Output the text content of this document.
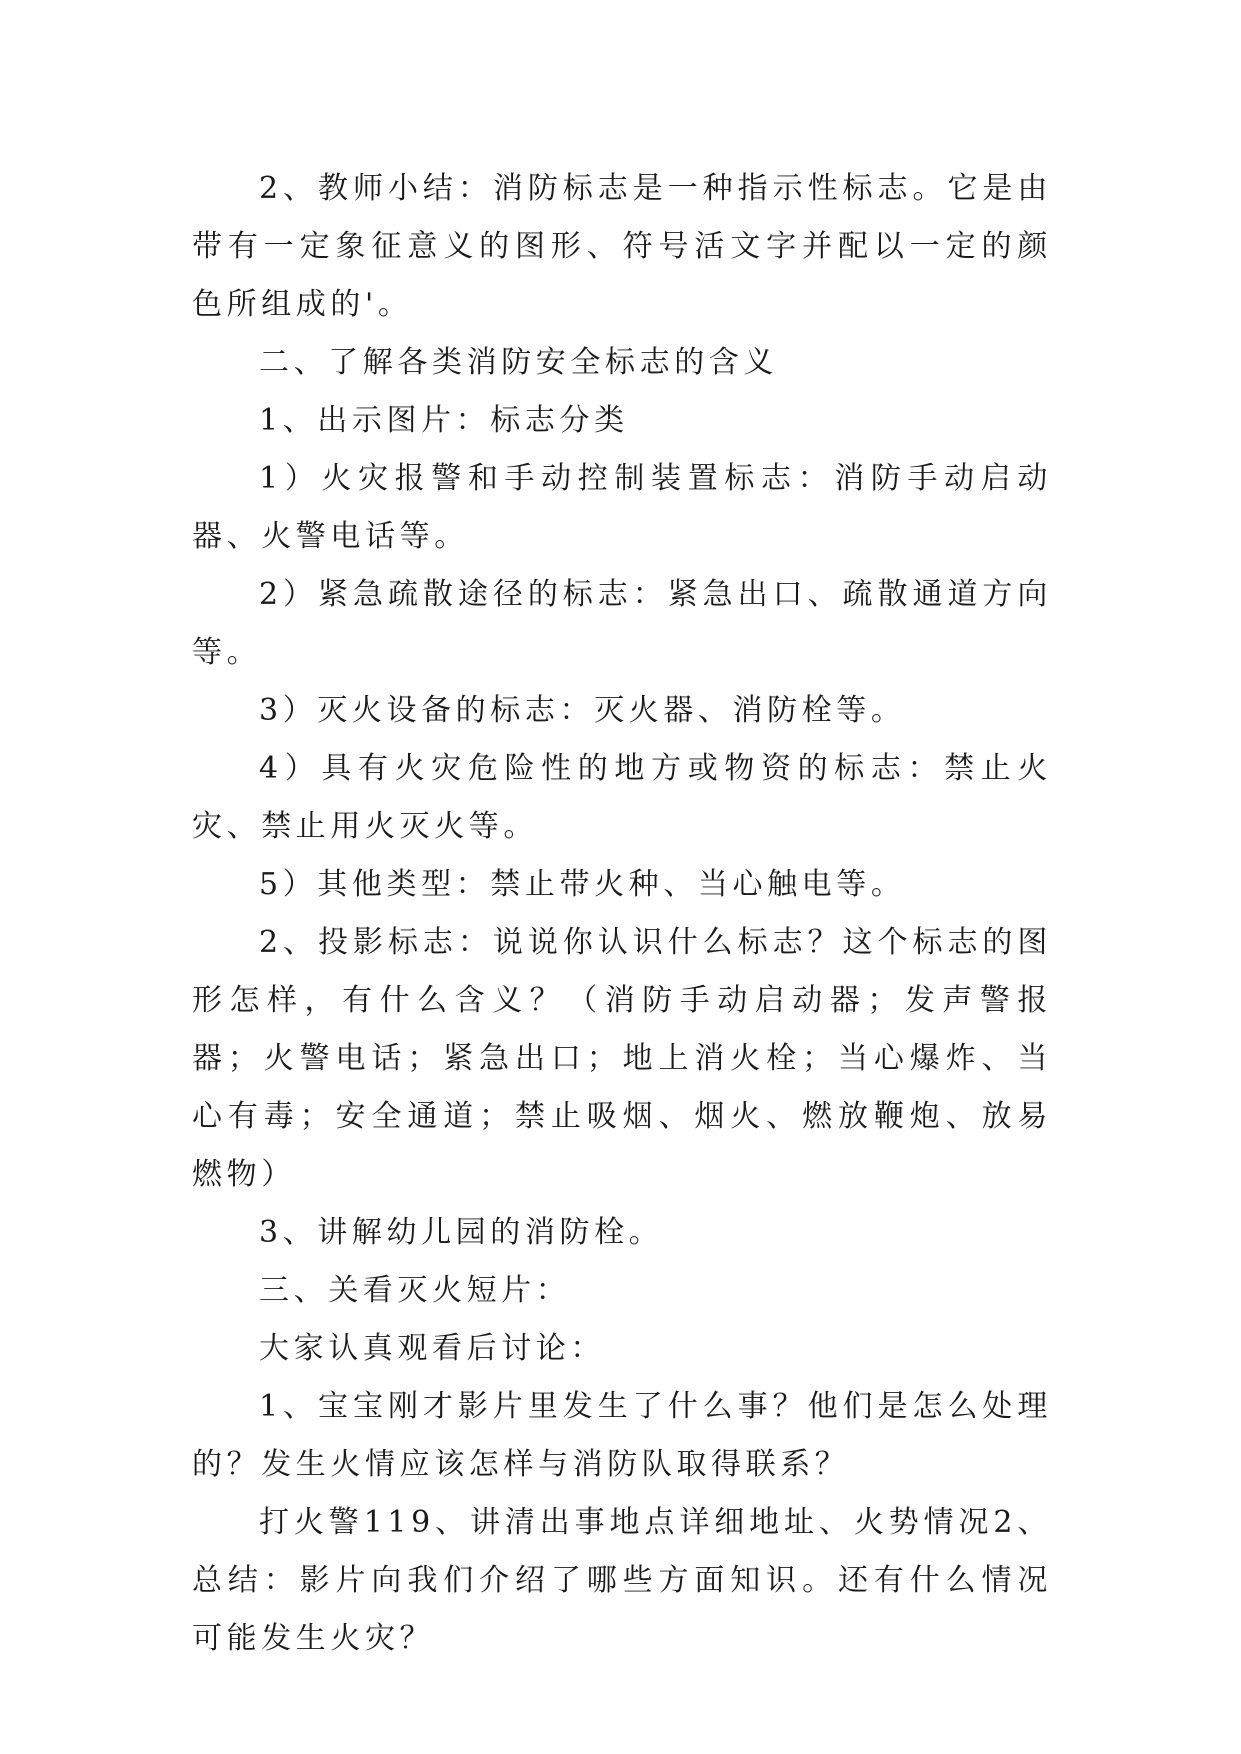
2、教师小结：消防标志是一种指示性标志。它是由带有一定象征意义的图形、符号活文字并配以一定的颜色所组成的'。

二、了解各类消防安全标志的含义

1、出示图片：标志分类

1）火灾报警和手动控制装置标志：消防手动启动器、火警电话等。

2）紧急疏散途径的标志：紧急出口、疏散通道方向等。

3）灭火设备的标志：灭火器、消防栓等。

4）具有火灾危险性的地方或物资的标志：禁止火灾、禁止用火灭火等。

5）其他类型：禁止带火种、当心触电等。

2、投影标志：说说你认识什么标志？这个标志的图形怎样，有什么含义？（消防手动启动器；发声警报器；火警电话；紧急出口；地上消火栓；当心爆炸、当心有毒；安全通道；禁止吸烟、烟火、燃放鞭炮、放易燃物）

3、讲解幼儿园的消防栓。

三、关看灭火短片：

大家认真观看后讨论：

1、宝宝刚才影片里发生了什么事？他们是怎么处理的？发生火情应该怎样与消防队取得联系？

打火警119、讲清出事地点详细地址、火势情况2、总结：影片向我们介绍了哪些方面知识。还有什么情况可能发生火灾？
